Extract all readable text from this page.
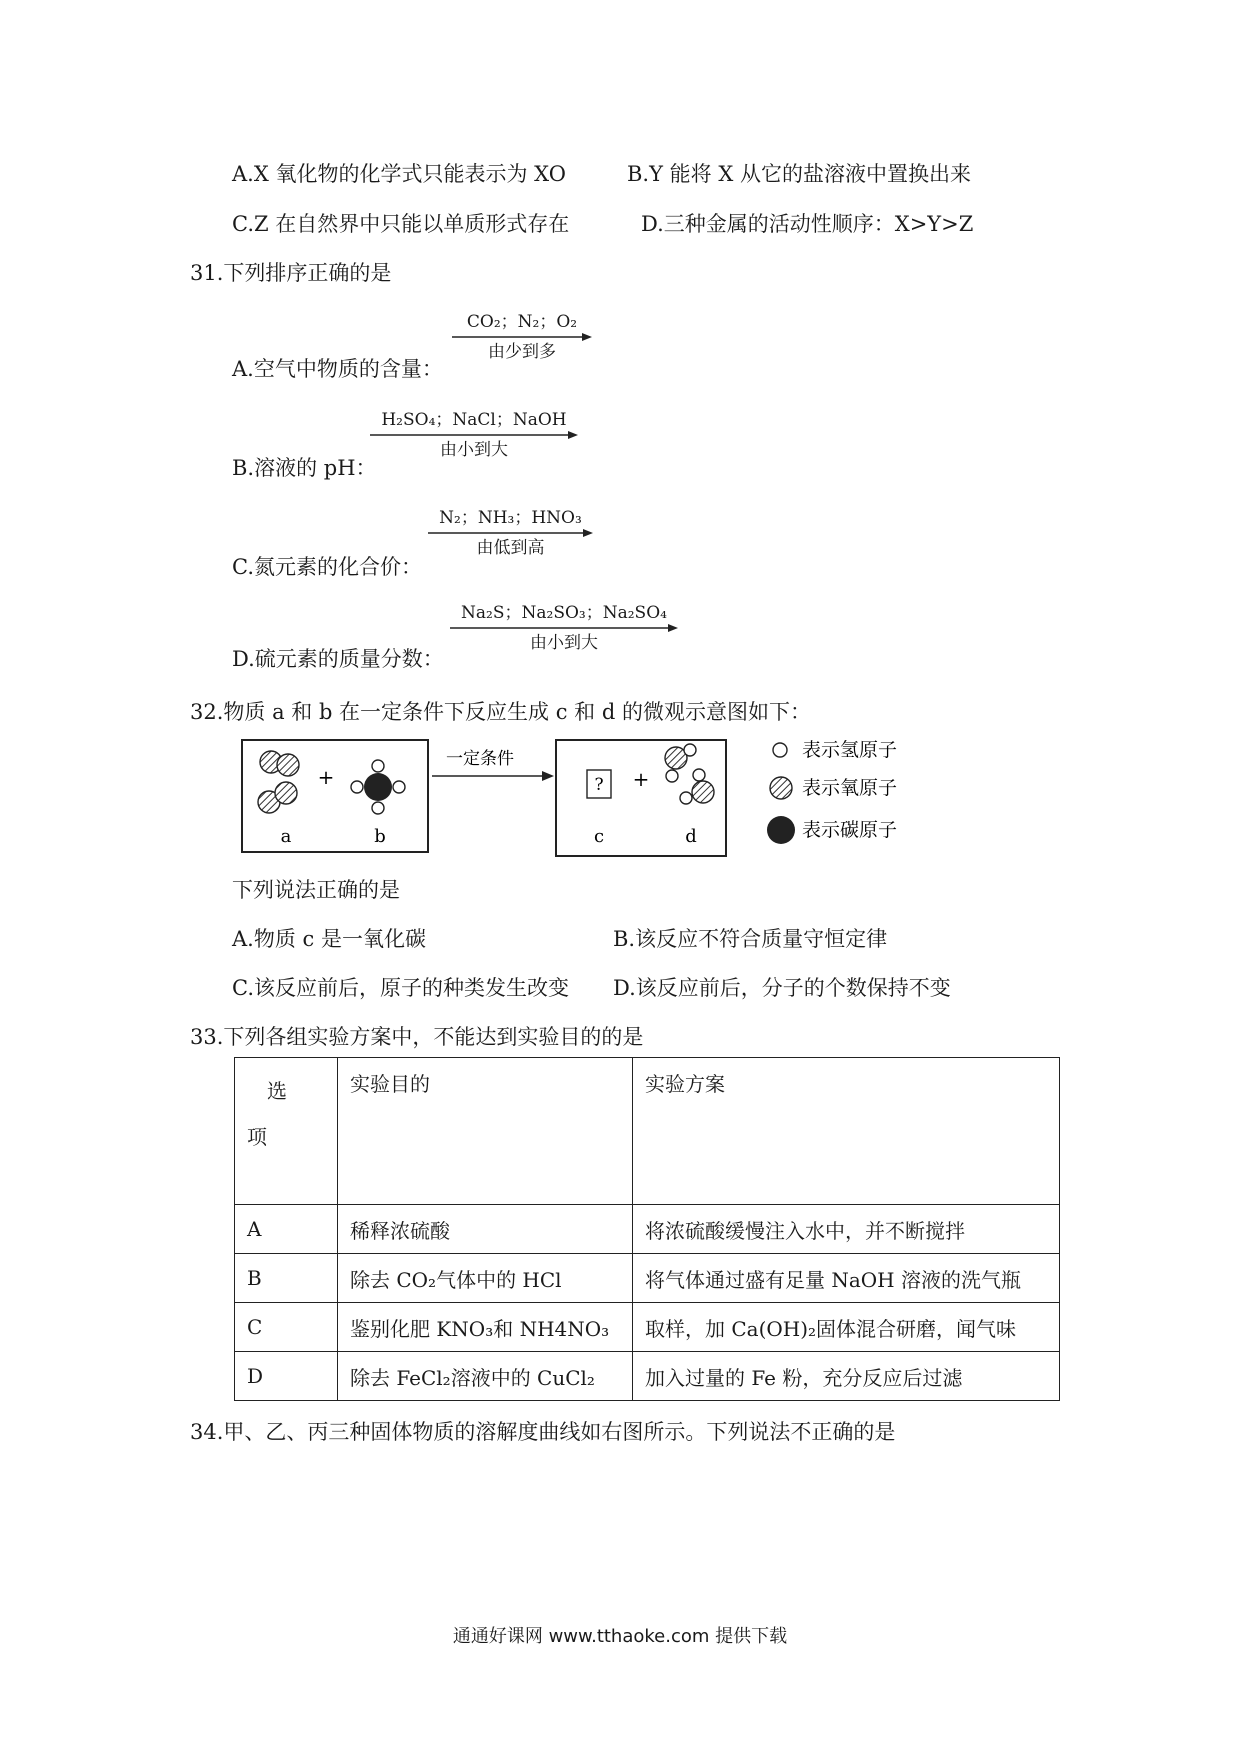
A.X 氧化物的化学式只能表示为 XO	B.Y 能将 X 从它的盐溶液中置换出来
C.Z 在自然界中只能以单质形式存在	D.三种金属的活动性顺序：X>Y>Z
31.下列排序正确的是
A.空气中物质的含量：
CO₂；N₂；O₂
由少到多
B.溶液的 pH：
H₂SO₄；NaCl；NaOH
由小到大
C.氮元素的化合价：
N₂；NH₃；HNO₃
由低到高
D.硫元素的质量分数：
Na₂S；Na₂SO₃；Na₂SO₄
由小到大
32.物质 a 和 b 在一定条件下反应生成 c 和 d 的微观示意图如下：
+
a	b
一定条件
? +
c	d
表示氢原子
表示氧原子
表示碳原子
下列说法正确的是
A.物质 c 是一氧化碳	B.该反应不符合质量守恒定律
C.该反应前后，原子的种类发生改变 D.该反应前后，分子的个数保持不变
33.下列各组实验方案中，不能达到实验目的的是
选
项	实验目的	实验方案
A	稀释浓硫酸	将浓硫酸缓慢注入水中，并不断搅拌
B	除去 CO₂气体中的 HCl	将气体通过盛有足量 NaOH 溶液的洗气瓶
C	鉴别化肥 KNO₃和 NH4NO₃	取样，加 Ca(OH)₂固体混合研磨，闻气味
D	除去 FeCl₂溶液中的 CuCl₂	加入过量的 Fe 粉，充分反应后过滤
34.甲、乙、丙三种固体物质的溶解度曲线如右图所示。下列说法不正确的是
通通好课网 www.tthaoke.com 提供下载
